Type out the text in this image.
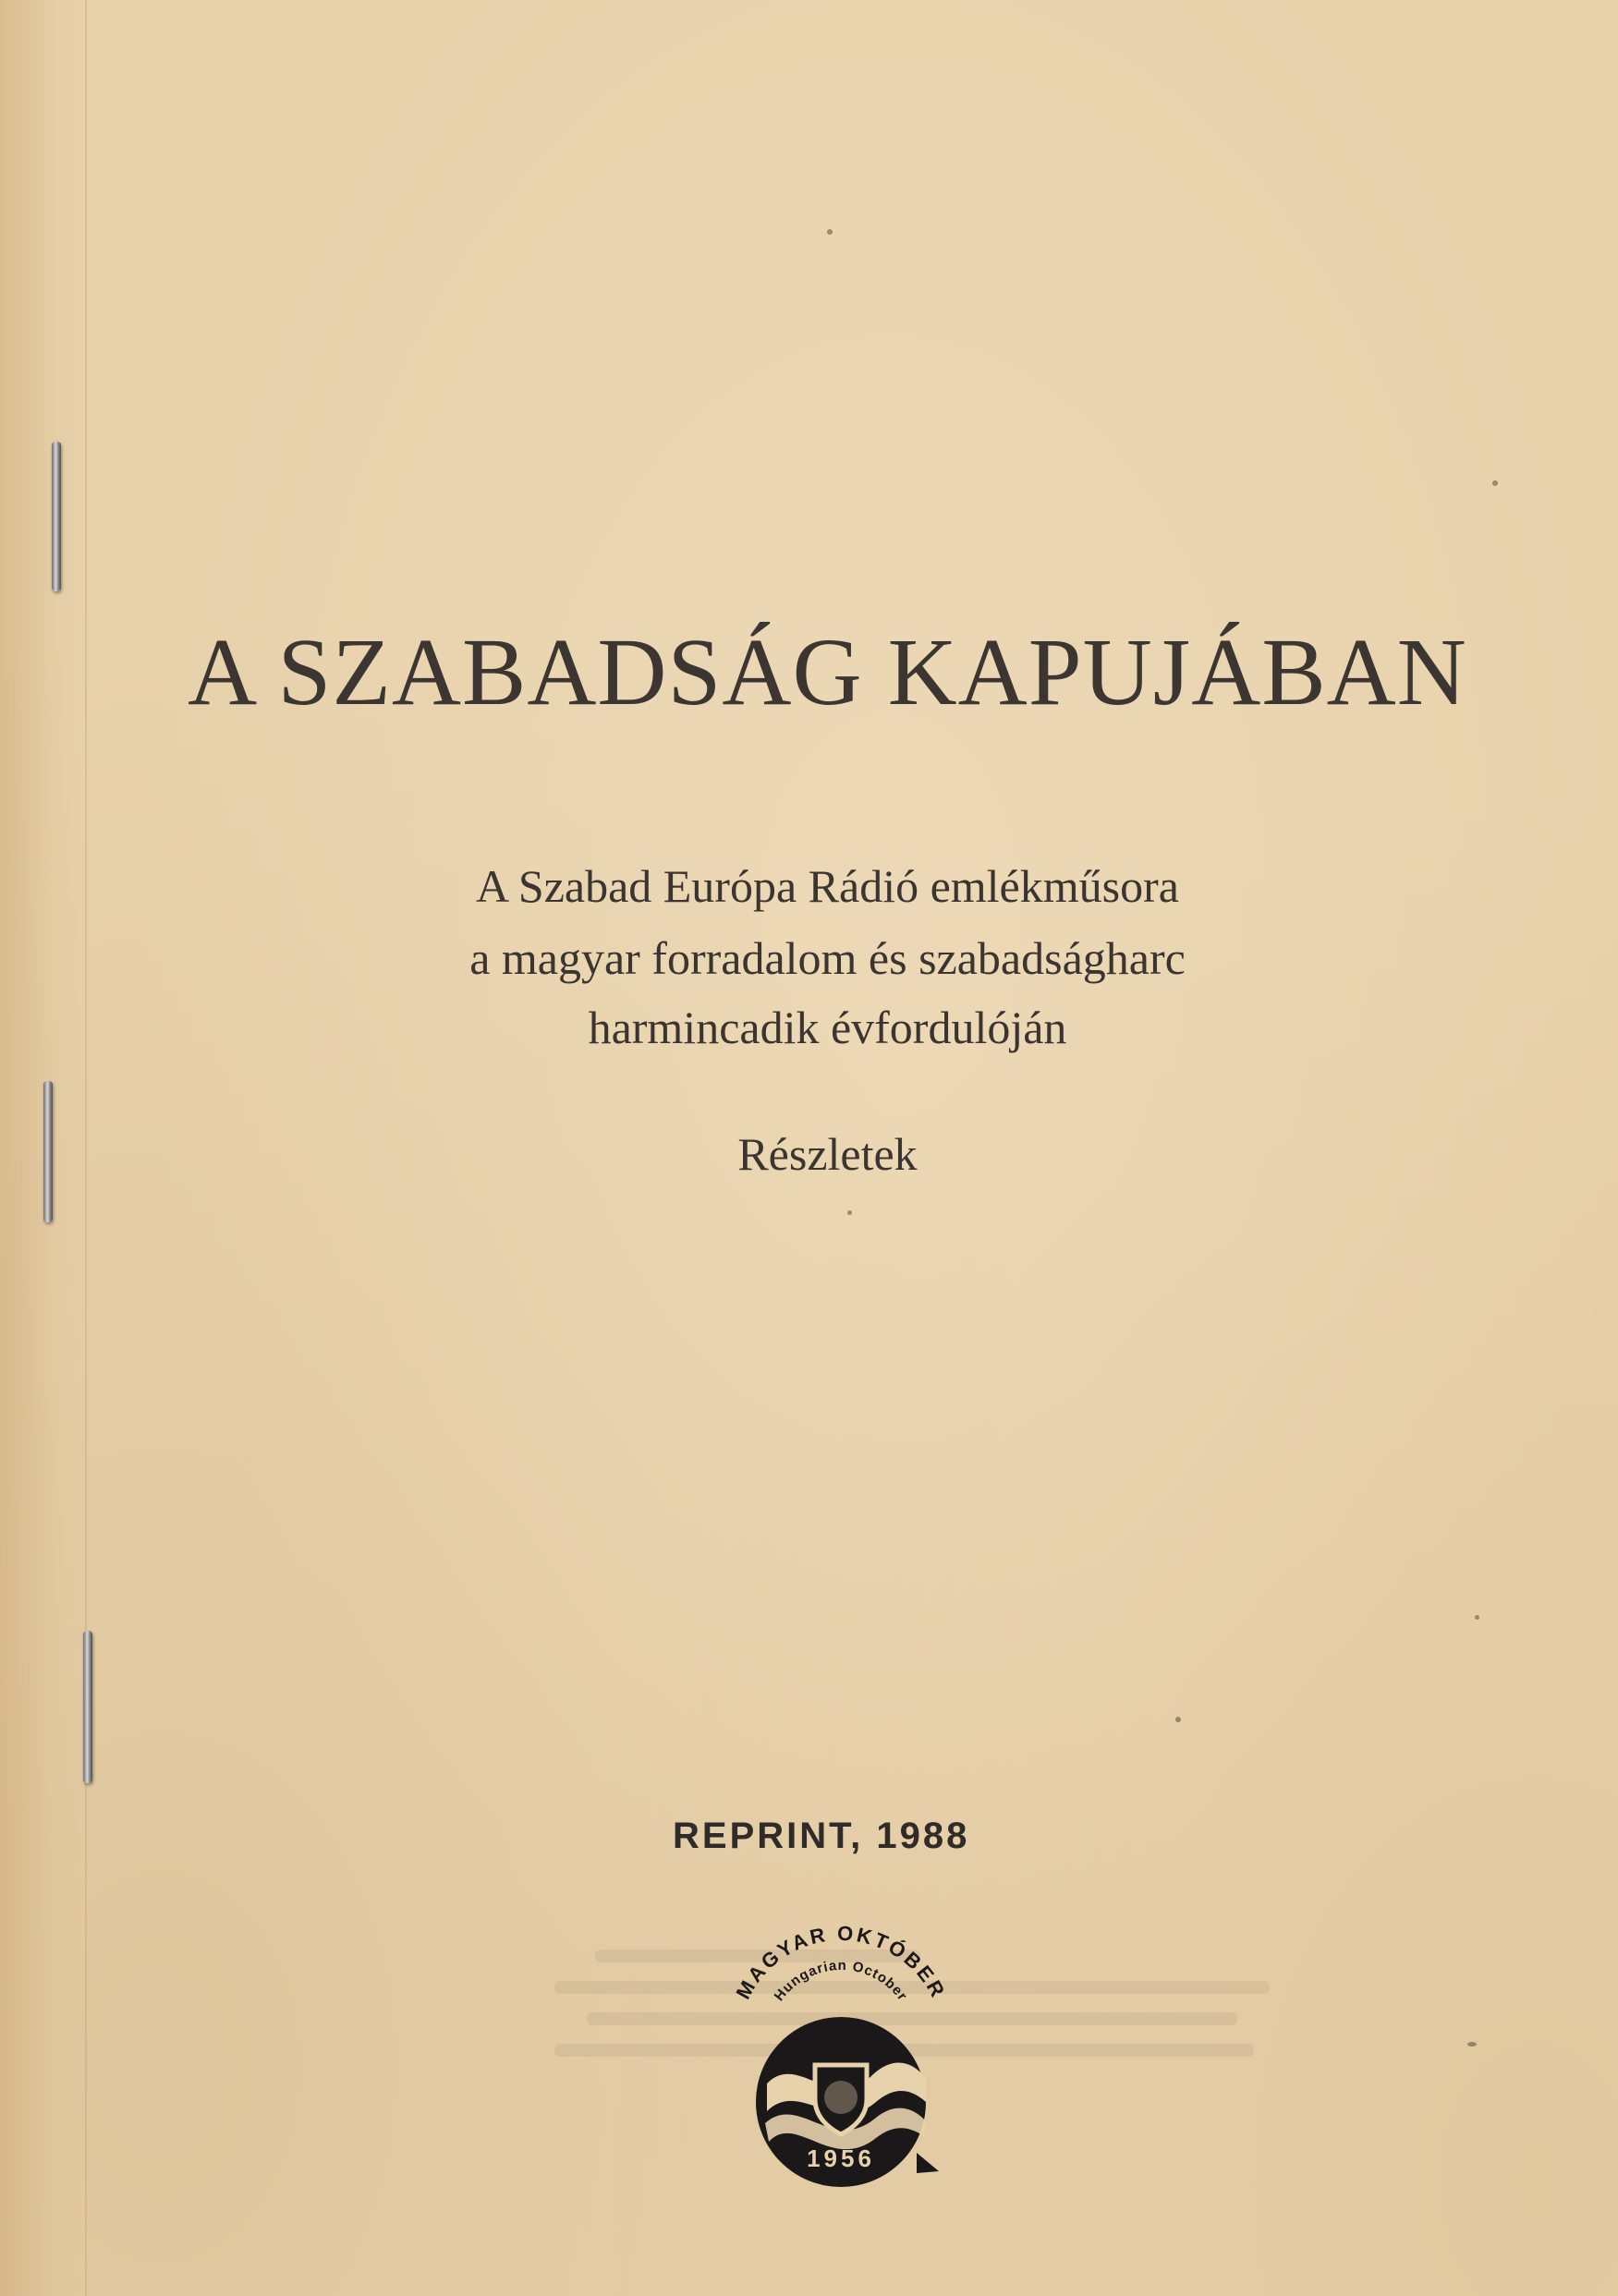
A SZABADSÁG KAPUJÁBAN
A Szabad Európa Rádió emlékműsora
a magyar forradalom és szabadságharc
harmincadik évfordulóján
Részletek
REPRINT, 1988
MAGYAR OKTÓBER
Hungarian October
1956
